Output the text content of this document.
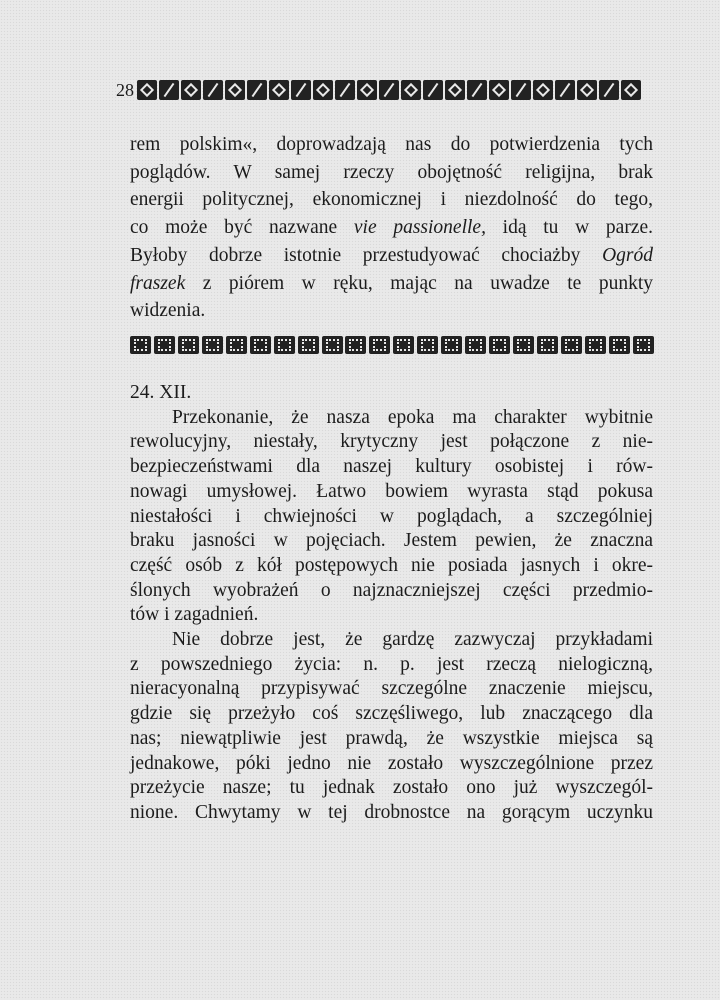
28
rem polskim«, doprowadzają nas do potwierdzenia tych
poglądów. W samej rzeczy obojętność religijna, brak
energii politycznej, ekonomicznej i niezdolność do tego,
co może być nazwane vie passionelle, idą tu w parze.
Byłoby dobrze istotnie przestudyować chociażby Ogród
fraszek z piórem w ręku, mając na uwadze te punkty
widzenia.
24. XII.
Przekonanie, że nasza epoka ma charakter wybitnie
rewolucyjny, niestały, krytyczny jest połączone z nie-
bezpieczeństwami dla naszej kultury osobistej i rów-
nowagi umysłowej. Łatwo bowiem wyrasta stąd pokusa
niestałości i chwiejności w poglądach, a szczególniej
braku jasności w pojęciach. Jestem pewien, że znaczna
część osób z kół postępowych nie posiada jasnych i okre-
ślonych wyobrażeń o najznaczniejszej części przedmio-
tów i zagadnień.
Nie dobrze jest, że gardzę zazwyczaj przykładami
z powszedniego życia: n. p. jest rzeczą nielogiczną,
nieracyonalną przypisywać szczególne znaczenie miejscu,
gdzie się przeżyło coś szczęśliwego, lub znaczącego dla
nas; niewątpliwie jest prawdą, że wszystkie miejsca są
jednakowe, póki jedno nie zostało wyszczególnione przez
przeżycie nasze; tu jednak zostało ono już wyszczegól-
nione. Chwytamy w tej drobnostce na gorącym uczynku
